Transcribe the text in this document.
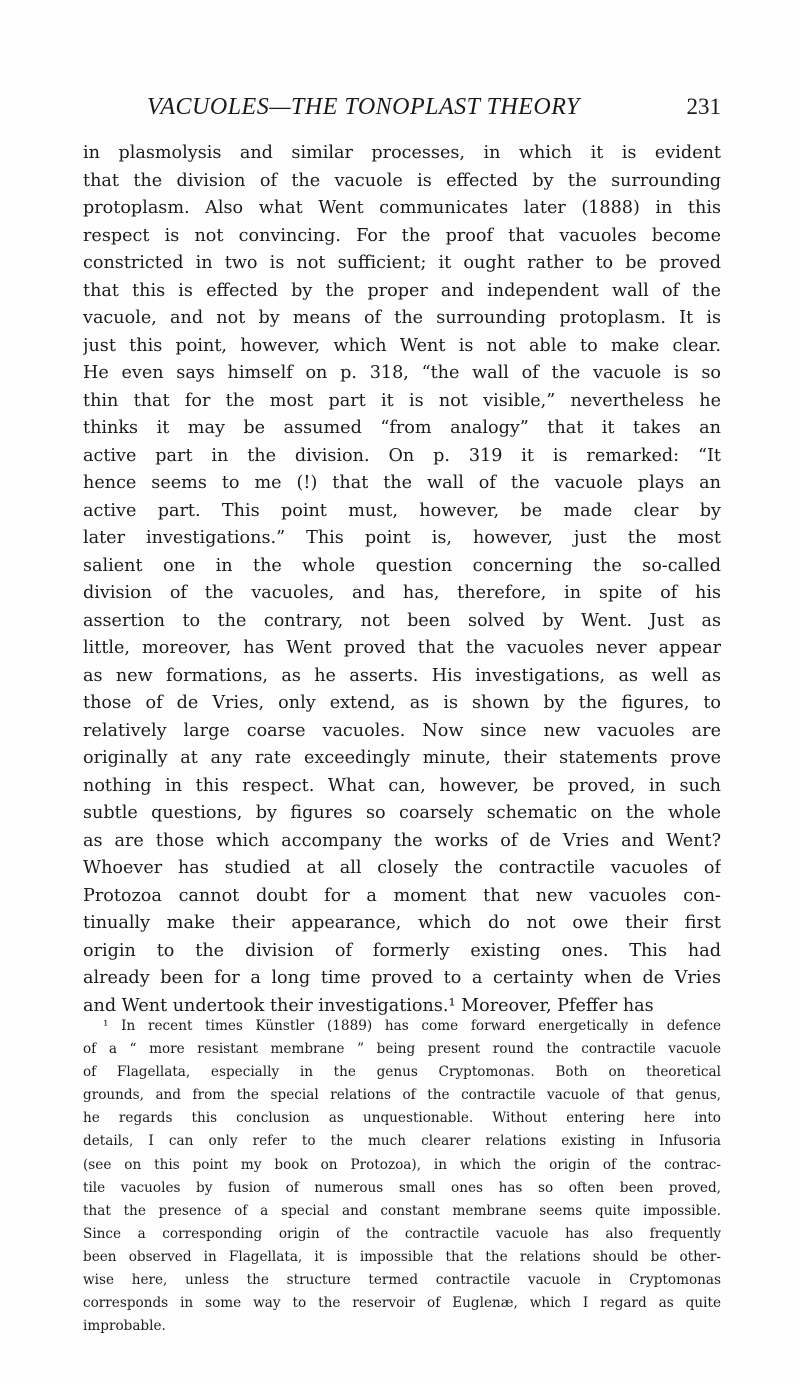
VACUOLES—THE TONOPLAST THEORY	231
in plasmolysis and similar processes, in which it is evident
that the division of the vacuole is effected by the surrounding
protoplasm. Also what Went communicates later (1888) in this
respect is not convincing. For the proof that vacuoles become
constricted in two is not sufficient; it ought rather to be proved
that this is effected by the proper and independent wall of the
vacuole, and not by means of the surrounding protoplasm. It is
just this point, however, which Went is not able to make clear.
He even says himself on p. 318, “the wall of the vacuole is so
thin that for the most part it is not visible,” nevertheless he
thinks it may be assumed “from analogy” that it takes an
active part in the division. On p. 319 it is remarked: “It
hence seems to me (!) that the wall of the vacuole plays an
active part. This point must, however, be made clear by
later investigations.” This point is, however, just the most
salient one in the whole question concerning the so-called
division of the vacuoles, and has, therefore, in spite of his
assertion to the contrary, not been solved by Went. Just as
little, moreover, has Went proved that the vacuoles never appear
as new formations, as he asserts. His investigations, as well as
those of de Vries, only extend, as is shown by the figures, to
relatively large coarse vacuoles. Now since new vacuoles are
originally at any rate exceedingly minute, their statements prove
nothing in this respect. What can, however, be proved, in such
subtle questions, by figures so coarsely schematic on the whole
as are those which accompany the works of de Vries and Went?
Whoever has studied at all closely the contractile vacuoles of
Protozoa cannot doubt for a moment that new vacuoles con-
tinually make their appearance, which do not owe their first
origin to the division of formerly existing ones. This had
already been for a long time proved to a certainty when de Vries
and Went undertook their investigations.¹ Moreover, Pfeffer has
¹ In recent times Künstler (1889) has come forward energetically in defence
of a “ more resistant membrane ” being present round the contractile vacuole
of Flagellata, especially in the genus Cryptomonas. Both on theoretical
grounds, and from the special relations of the contractile vacuole of that genus,
he regards this conclusion as unquestionable. Without entering here into
details, I can only refer to the much clearer relations existing in Infusoria
(see on this point my book on Protozoa), in which the origin of the contrac-
tile vacuoles by fusion of numerous small ones has so often been proved,
that the presence of a special and constant membrane seems quite impossible.
Since a corresponding origin of the contractile vacuole has also frequently
been observed in Flagellata, it is impossible that the relations should be other-
wise here, unless the structure termed contractile vacuole in Cryptomonas
corresponds in some way to the reservoir of Euglenæ, which I regard as quite
improbable.
